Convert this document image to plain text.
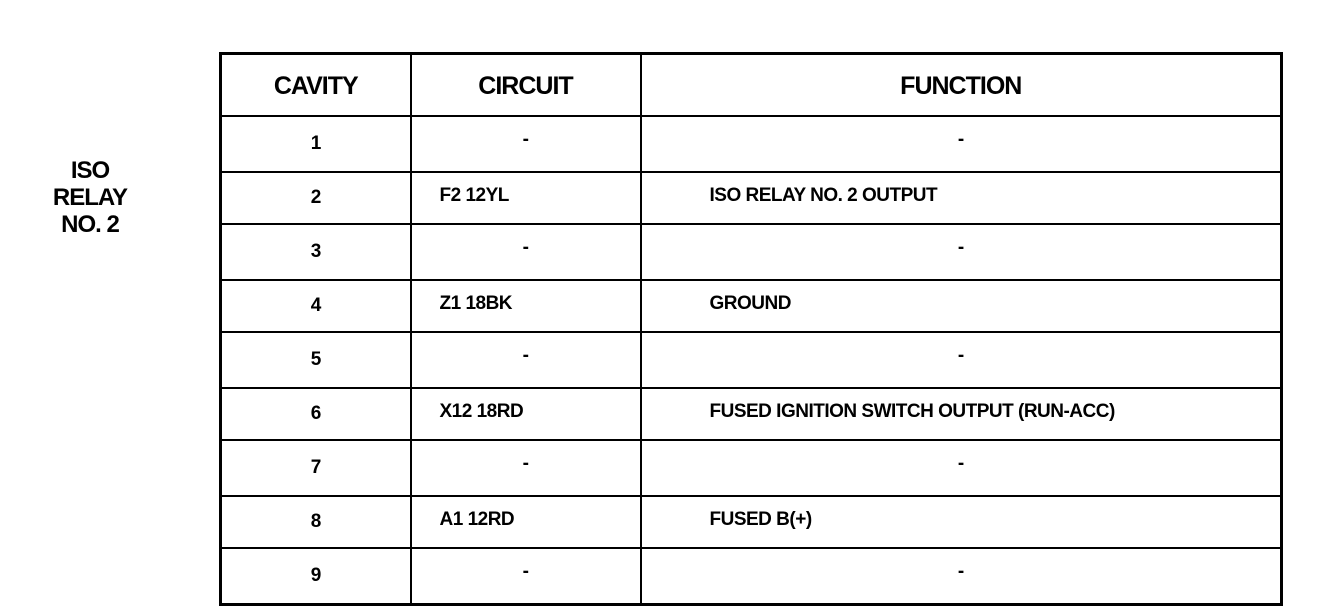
ISO
RELAY
NO. 2
CAVITY	CIRCUIT	FUNCTION
1	-	-
2	F2 12YL	ISO RELAY NO. 2 OUTPUT
3	-	-
4	Z1 18BK	GROUND
5	-	-
6	X12 18RD	FUSED IGNITION SWITCH OUTPUT (RUN-ACC)
7	-	-
8	A1 12RD	FUSED B(+)
9	-	-
